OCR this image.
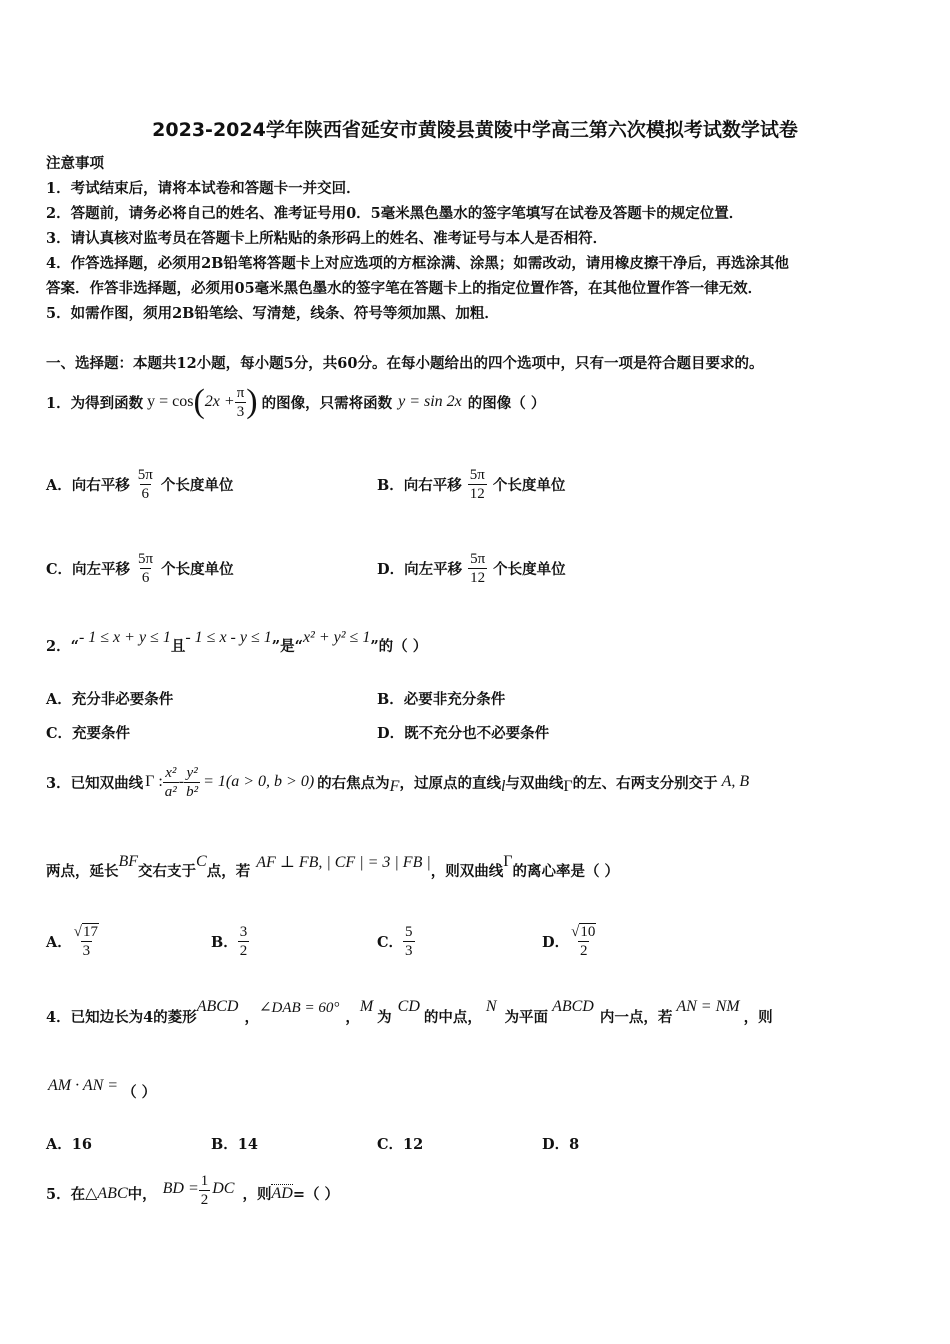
2023-2024学年陕西省延安市黄陵县黄陵中学高三第六次模拟考试数学试卷
注意事项
1．考试结束后，请将本试卷和答题卡一并交回．
2．答题前，请务必将自己的姓名、准考证号用0．5毫米黑色墨水的签字笔填写在试卷及答题卡的规定位置．
3．请认真核对监考员在答题卡上所粘贴的条形码上的姓名、准考证号与本人是否相符．
4．作答选择题，必须用2B铅笔将答题卡上对应选项的方框涂满、涂黑；如需改动，请用橡皮擦干净后，再选涂其他
答案．作答非选择题，必须用05毫米黑色墨水的签字笔在答题卡上的指定位置作答，在其他位置作答一律无效．
5．如需作图，须用2B铅笔绘、写清楚，线条、符号等须加黑、加粗．
一、选择题：本题共12小题，每小题5分，共60分。在每小题给出的四个选项中，只有一项是符合题目要求的。
1．为得到函数 y = cos ( $2x + \frac{\pi}{3}$ ) 的图像，只需将函数 y = sin 2x 的图像（ ）
A．向右平移 $\frac{5\pi}{6}$ 个长度单位	B．向右平移 $\frac{5\pi}{12}$ 个长度单位
C．向左平移 $\frac{5\pi}{6}$ 个长度单位	D．向左平移 $\frac{5\pi}{12}$ 个长度单位
2．“ - 1 ≤ x + y ≤ 1 且 - 1 ≤ x - y ≤ 1 ”是“ x² + y² ≤ 1 ”的（ ）
A．充分非必要条件	B．必要非充分条件
C．充要条件	D．既不充分也不必要条件
3．已知双曲线 Γ : $\frac{\text{x²}}{\text{a²}} - \frac{\text{y²}}{\text{b²}} = 1(a > 0$, b > 0) 的右焦点为 F ，过原点的直线 l 与双曲线 Γ 的左、右两支分别交于 A, B
两点，延长
BF
交右支于
C
点，若 AF ⊥ FB, | CF | = 3 | FB | ，则双曲线
Γ
的离心率是（ ）
A． $\frac{√17}{3}$	B． $\frac{3}{2}$	C． $\frac{5}{3}$	D． $\frac{√10}{2}$
4．已知边长为4的菱形
ABCD
，
∠DAB = 60°
，
M
为
CD
的中点，
N
为平面
ABCD
内一点，若
AN = NM
，则
AM · AN = （ ）
A．16	B．14	C．12	D．8
5．在 △ABC 中， BD = $\frac{1}{2}$ DC ，则 AD =（ ）
